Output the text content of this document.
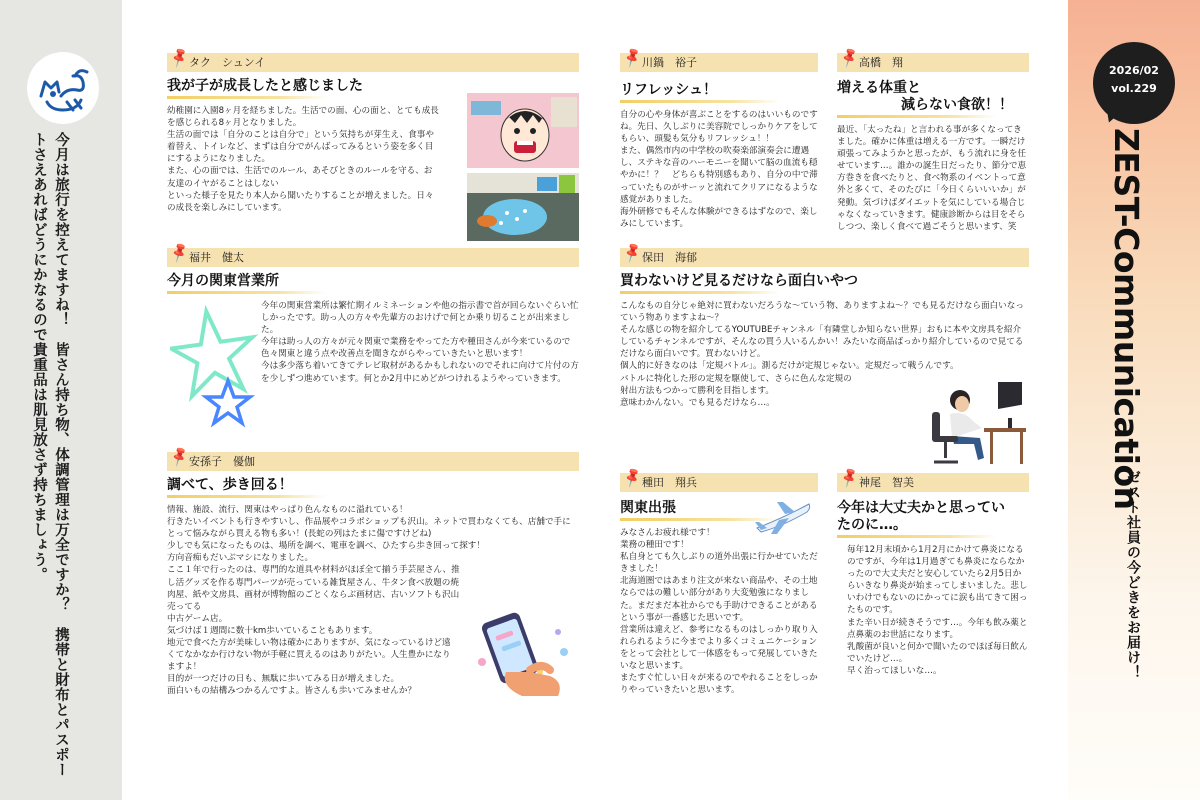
今月は旅行を控えてますね！　皆さん持ち物、体調管理は万全ですか？　携帯と財布とパスポートさえあればどうにかなるので貴重品は肌見放さず持ちましょう。
2026/02
vol.229
ZEST-Communication
ゼスト社員の今どきをお届け！
📌
タク　シュンイ
我が子が成長したと感じました

幼稚園に入園8ヶ月を経ちました。生活での面、心の面と、とても成長を感じられる8ヶ月となりました。

生活の面では「自分のことは自分で」という気持ちが芽生え、食事や着替え、トイレなど、まずは自分でがんばってみるという姿を多く目にするようになりました。

また、心の面では、生活でのルール、あそびときのルールを守る、お友達のイヤがることはしない

といった様子を見たり本人から聞いたりすることが増えました。日々の成長を楽しみにしています。

📌
福井　健太
今月の関東営業所

今年の関東営業所は繁忙期イルミネーションや他の指示書で首が回らないぐらい忙しかったです。助っ人の方々や先輩方のおけげで何とか乗り切ることが出来ました。

今年は助っ人の方々が元々関東で業務をやってた方や種田さんが今来ているので色々関東と違う点や改善点を聞きながらやっていきたいと思います！

今は多少落ち着いてきてテレビ取材があるかもしれないのでそれに向けて片付の方を少しずつ進めています。何とか2月中にめどがつけれるようやっていきます。

📌
安孫子　優伽
調べて、歩き回る！

情報、施設、流行、関東はやっぱり色んなものに溢れている！

行きたいイベントも行きやすいし、作品展やコラボショップも沢山。ネットで買わなくても、店舗で手にとって悩みながら買える物も多い！(長蛇の列はたまに傷ですけどね)

少しでも気になったものは、場所を調べ、電車を調べ、ひたすら歩き回って探す！

方向音痴もだいぶマシになりました。

ここ１年で行ったのは、専門的な道具や材料がほぼ全て揃う手芸屋さん、推し活グッズを作る専門パーツが売っている雑貨屋さん、牛タン食べ放題の焼肉屋、紙や文房具、画材が博物館のごとくならぶ画材店、古いソフトも沢山売ってる

中古ゲーム店。

気づけば１週間に数十km歩いていることもあります。

地元で食べた方が美味しい物は確かにありますが、気になっているけど遠くてなかなか行けない物が手軽に買えるのはありがたい。人生豊かになりますよ！

目的が一つだけの日も、無駄に歩いてみる日が増えました。

面白いもの結構みつかるんですよ。皆さんも歩いてみませんか？

📌
川鍋　裕子
リフレッシュ！

自分の心や身体が喜ぶことをするのはいいものですね。先日、久しぶりに美容院でしっかりケアをしてもらい、頭髪も気分もリフレッシュ！！

また、偶然市内の中学校の吹奏楽部演奏会に遭遇し、ステキな音のハーモニーを聞いて脳の血流も穏やかに！？　どちらも特別感もあり、自分の中で滞っていたものがサーッと流れてクリアになるような感覚がありました。

海外研修でもそんな体験ができるはずなので、楽しみにしています。

📌
高橋　翔
増える体重と
減らない食欲！！

最近、「太ったね」と言われる事が多くなってきました。確かに体重は増える一方です。一瞬だけ頑張ってみようかと思ったが、もう流れに身を任せています…。誰かの誕生日だったり、節分で恵方巻きを食べたりと、食べ物系のイベントって意外と多くて、そのたびに「今日くらいいいか」が発動。気づけばダイエットを気にしている場合じゃなくなっていきます。健康診断からは目をそらしつつ、楽しく食べて過ごそうと思います、笑

📌
保田　海郁
買わないけど見るだけなら面白いやつ

こんなもの自分じゃ絶対に買わないだろうな～ていう物、ありますよね～？でも見るだけなら面白いなっていう物ありますよね～？

そんな感じの物を紹介してるYOUTUBEチャンネル「有隣堂しか知らない世界」おもに本や文房具を紹介しているチャンネルですが、そんなの買う人いるんかい！みたいな商品ばっかり紹介しているので見てるだけなら面白いです。買わないけど。

個人的に好きなのは「定規バトル」。測るだけが定規じゃない。定規だって戦うんです。

バトルに特化した形の定規を駆使して、さらに色んな定規の

射出方法もつかって勝利を目指します。

意味わかんない。でも見るだけなら…。

📌
種田　翔兵
関東出張

みなさんお疲れ様です！

業務の種田です！

私自身とても久しぶりの道外出張に行かせていただきました！

北海道圏ではあまり注文が来ない商品や、その土地ならではの難しい部分があり大変勉強になりました。まだまだ本社からでも手助けできることがあるという事が一番感じた思いです。

営業所は違えど、参考になるものはしっかり取り入れられるように今までより多くコミュニケーションをとって会社として一体感をもって発展していきたいなと思います。

またすぐ忙しい日々が来るのでやれることをしっかりやっていきたいと思います。

📌
神尾　智美
今年は大丈夫かと思ってい
たのに…。

毎年12月末頃から1月2月にかけて鼻炎になるのですが、今年は1月過ぎても鼻炎にならなかったので大丈夫だと安心していたら2月5日からいきなり鼻炎が始まってしまいました。悲しいわけでもないのにかってに涙も出てきて困ったものです。

また辛い日が続きそうです…。今年も飲み薬と点鼻薬のお世話になります。

乳酸菌が良いと何かで聞いたのでほぼ毎日飲んでいたけど…。

早く治ってほしいな…。
